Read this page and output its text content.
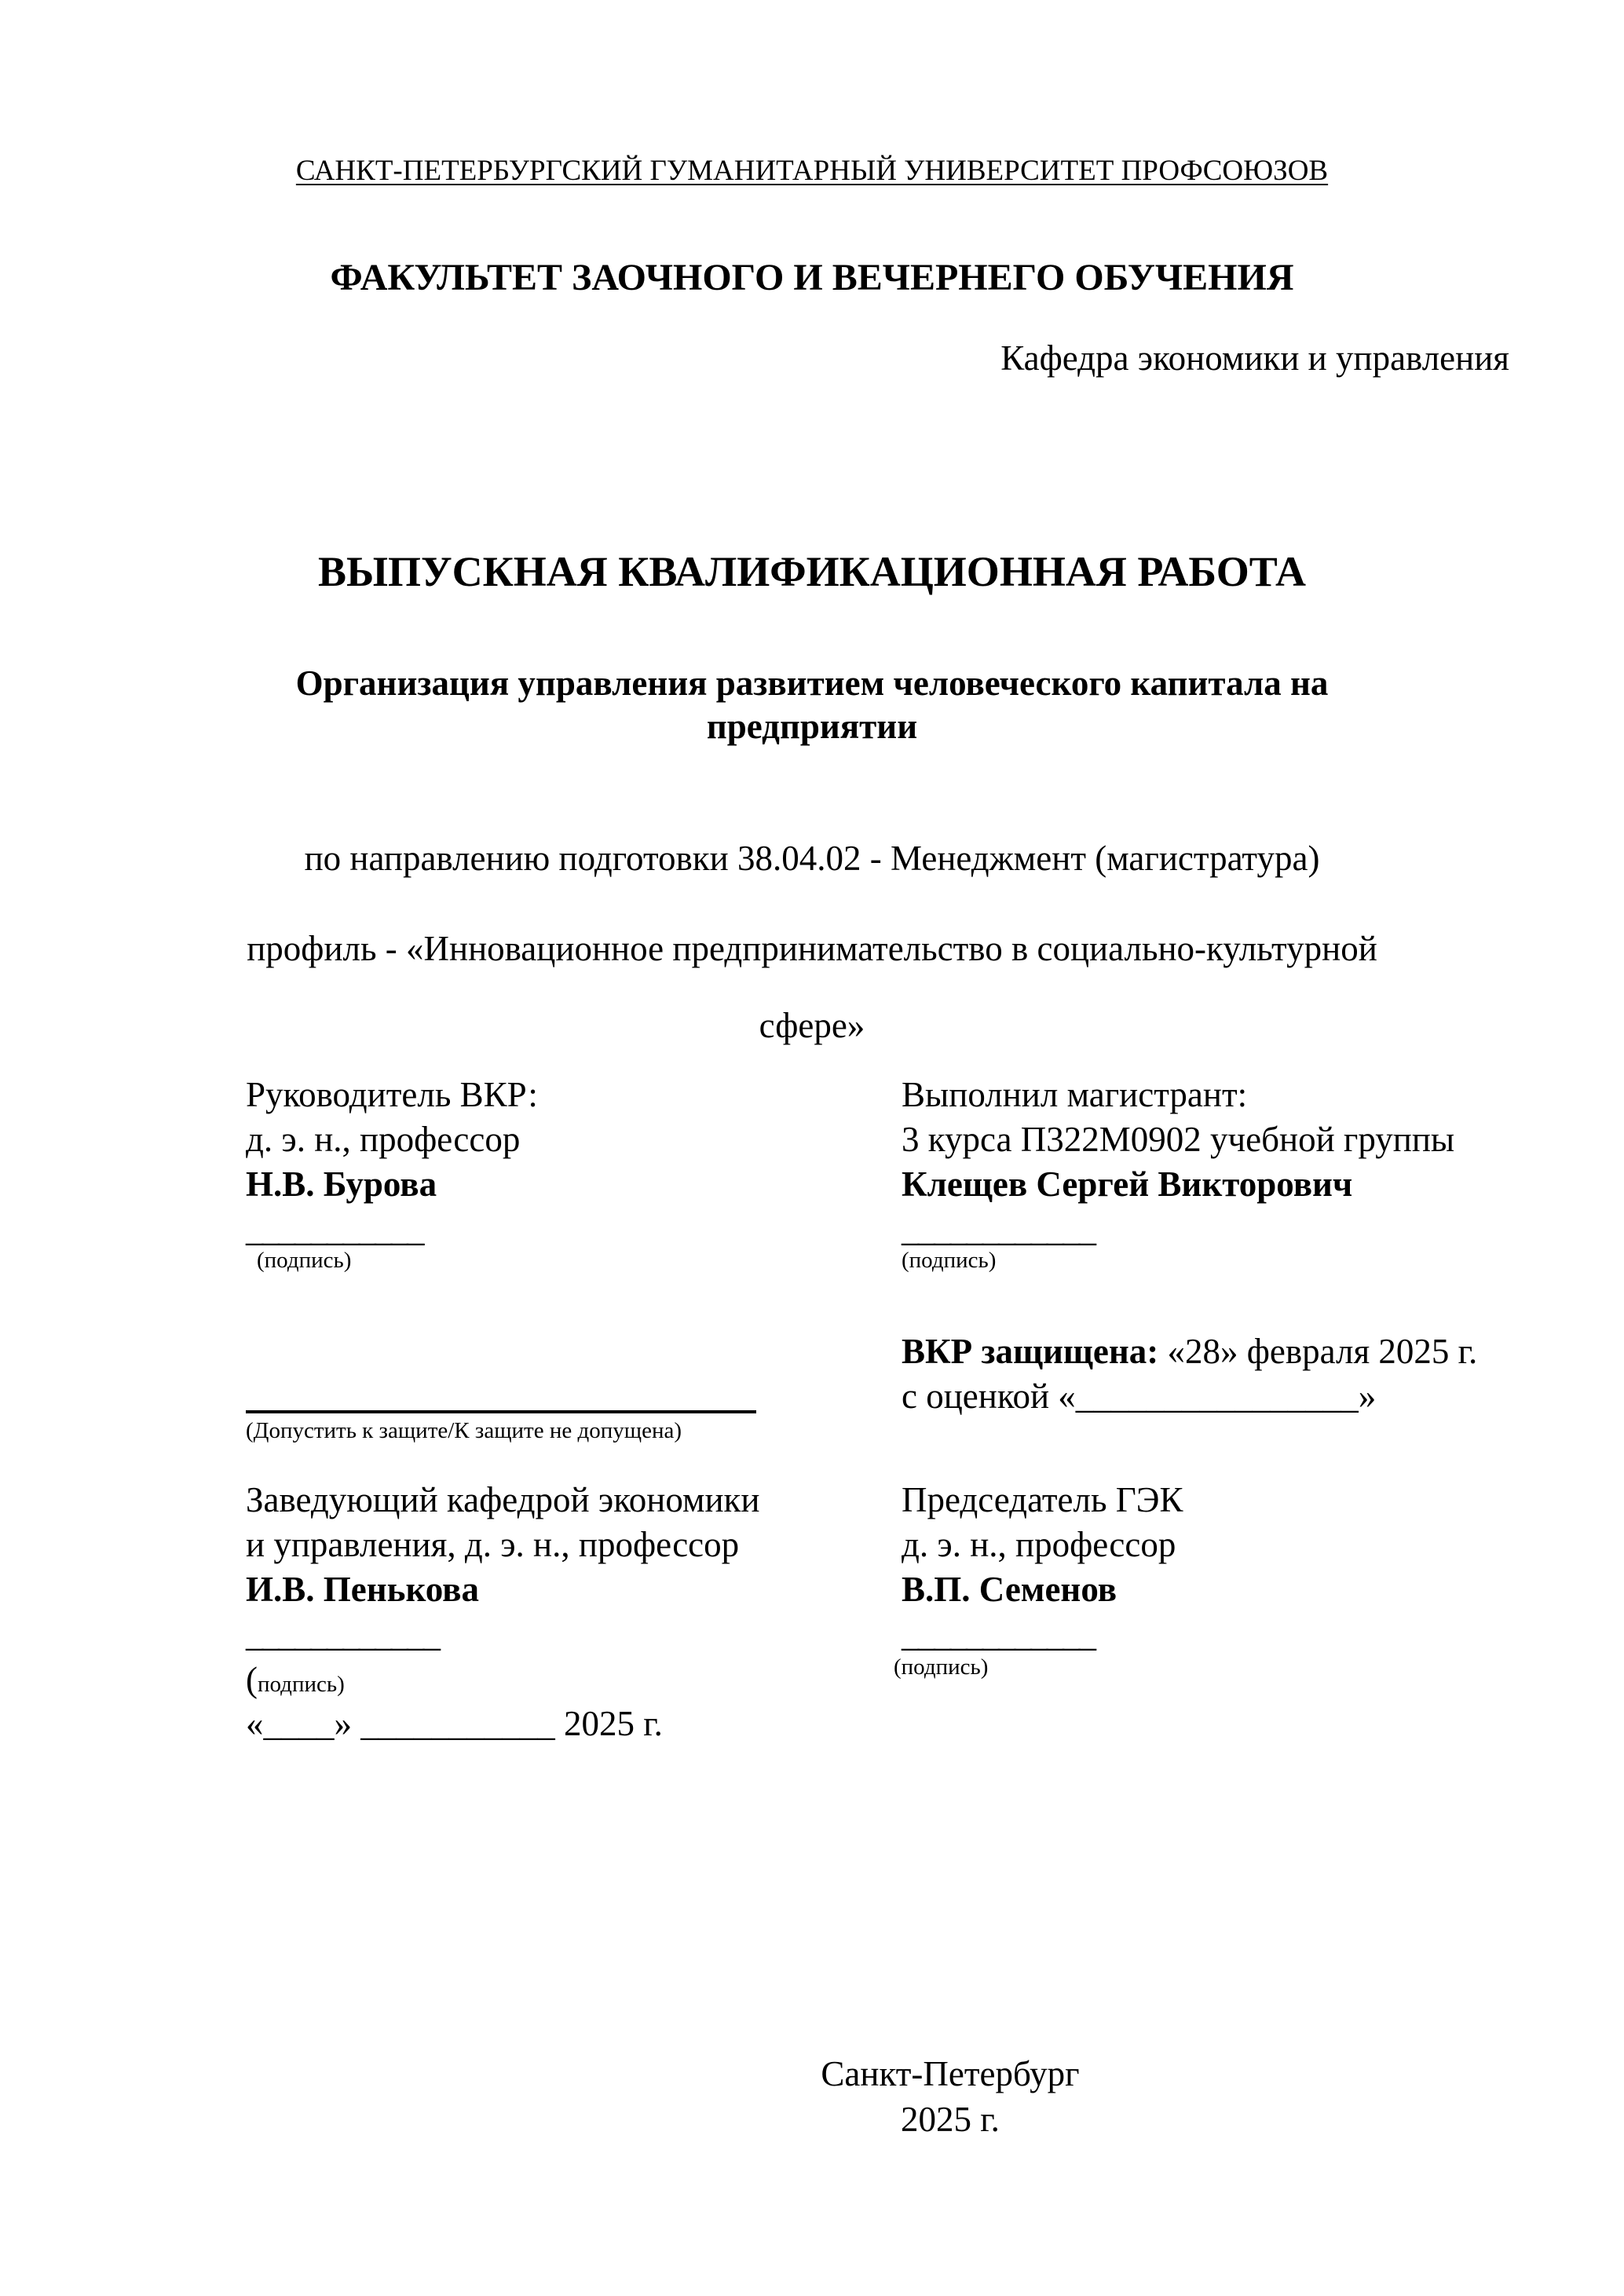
САНКТ-ПЕТЕРБУРГСКИЙ ГУМАНИТАРНЫЙ УНИВЕРСИТЕТ ПРОФСОЮЗОВ
ФАКУЛЬТЕТ ЗАОЧНОГО И ВЕЧЕРНЕГО ОБУЧЕНИЯ
Кафедра экономики и управления
ВЫПУСКНАЯ КВАЛИФИКАЦИОННАЯ РАБОТА
Организация управления развитием человеческого капитала на предприятии
по направлению подготовки 38.04.02 - Менеджмент (магистратура)
профиль - «Инновационное предпринимательство в социально-культурной сфере»
Руководитель ВКР:
д. э. н., профессор
Н.В. Бурова
___________
(подпись)
Выполнил магистрант:
3 курса П322М0902 учебной группы
Клещев Сергей Викторович
____________
(подпись)
(Допустить к защите/К защите не допущена)
ВКР защищена: «28» февраля 2025 г.
с оценкой «________________»
Заведующий кафедрой экономики
и управления, д. э. н., профессор
И.В. Пенькова
____________
(подпись)
«____» ___________ 2025 г.
Председатель ГЭК
д. э. н., профессор
В.П. Семенов
____________
(подпись)
Санкт-Петербург
2025 г.
